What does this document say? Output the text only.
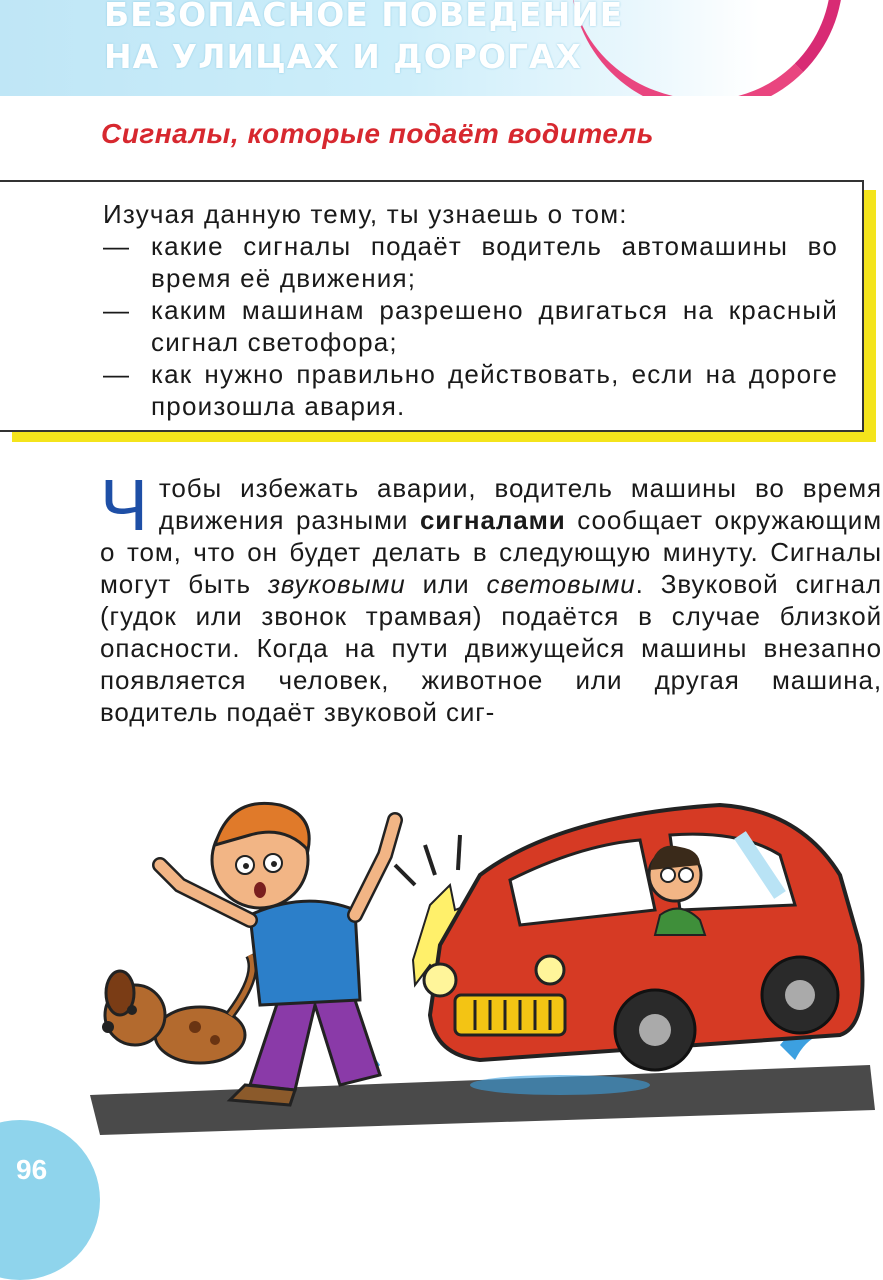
БЕЗОПАСНОЕ ПОВЕДЕНИЕ
НА УЛИЦАХ И ДОРОГАХ
Сигналы, которые подаёт водитель
Изучая данную тему, ты узнаешь о том:
— какие сигналы подаёт водитель автомашины во время её движения;
— каким машинам разрешено двигаться на красный сигнал светофора;
— как нужно правильно действовать, если на дороге произошла авария.
Чтобы избежать аварии, водитель машины во время движения разными сигналами сообщает окружающим о том, что он будет делать в следующую минуту. Сигналы могут быть звуковыми или световыми. Звуковой сигнал (гудок или звонок трамвая) подаётся в случае близкой опасности. Когда на пути движущейся машины внезапно появляется человек, животное или другая машина, водитель подаёт звуковой сиг-
96
